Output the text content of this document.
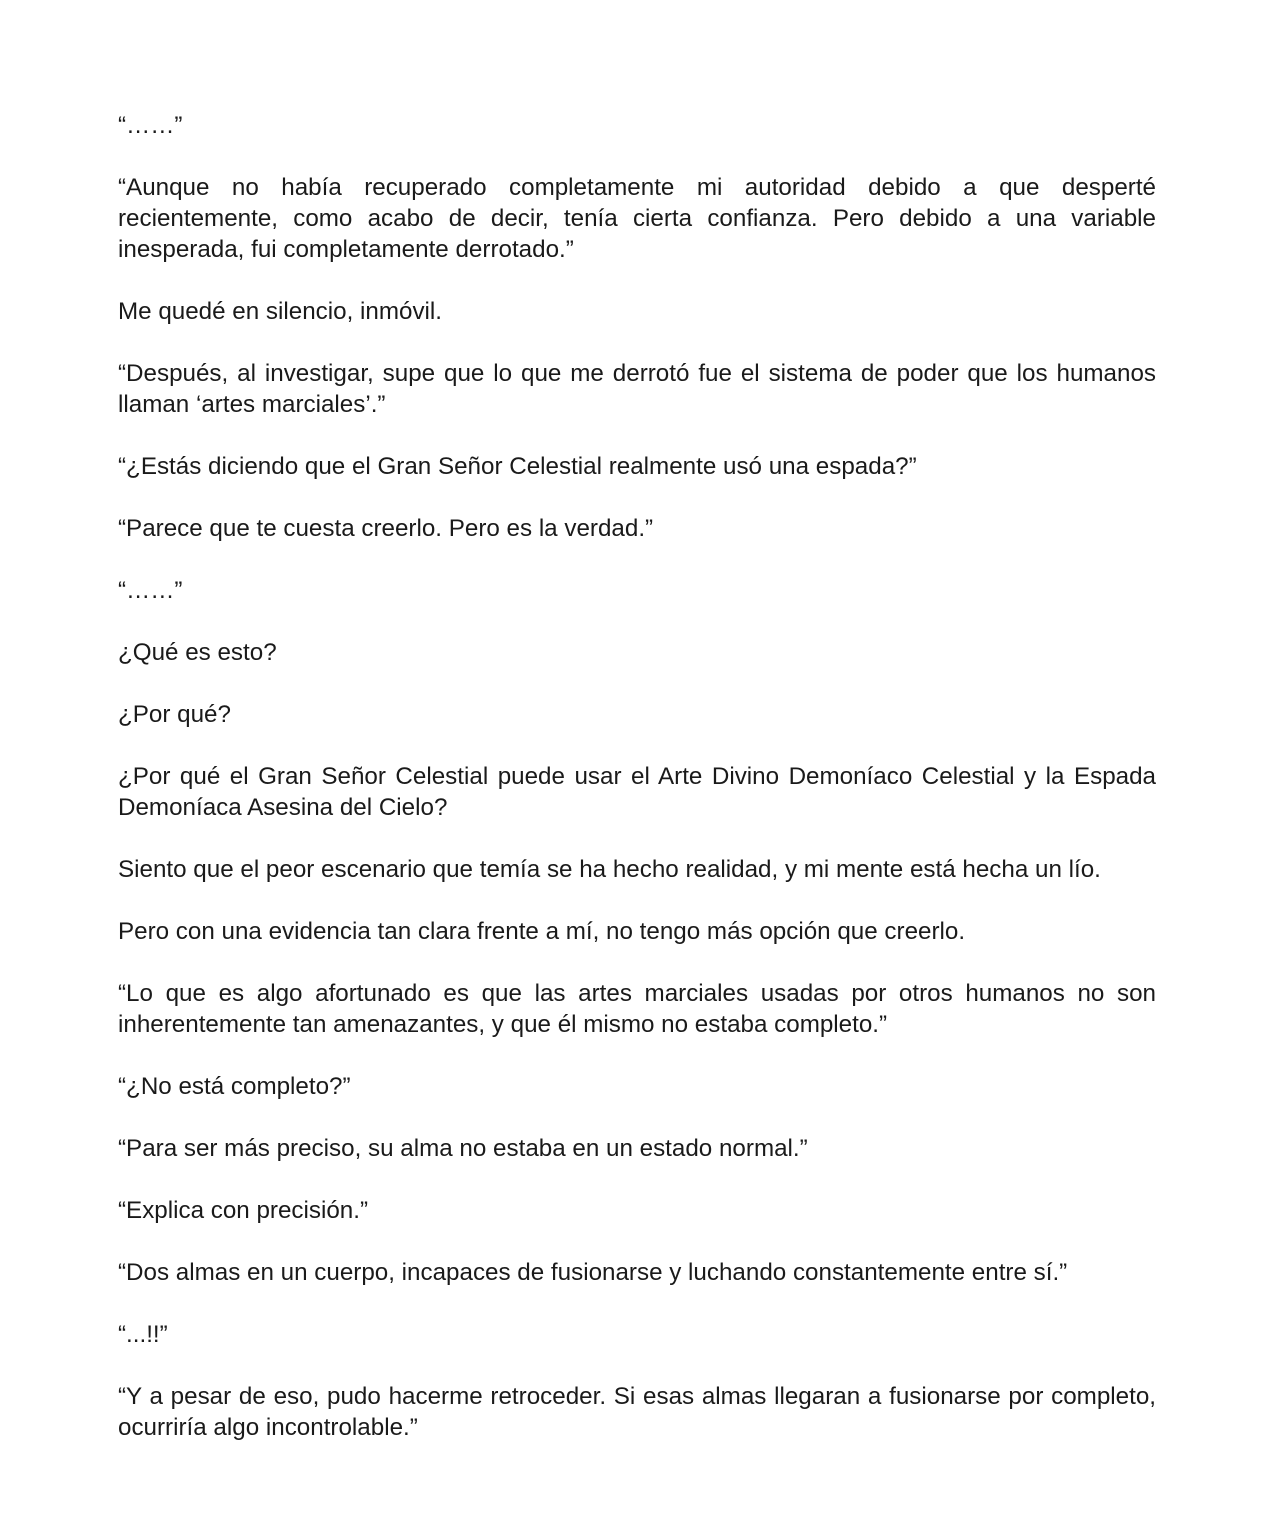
“……”

“Aunque no había recuperado completamente mi autoridad debido a que desperté recientemente, como acabo de decir, tenía cierta confianza. Pero debido a una variable inesperada, fui completamente derrotado.”

Me quedé en silencio, inmóvil.

“Después, al investigar, supe que lo que me derrotó fue el sistema de poder que los humanos llaman ‘artes marciales’.”

“¿Estás diciendo que el Gran Señor Celestial realmente usó una espada?”

“Parece que te cuesta creerlo. Pero es la verdad.”

“……”

¿Qué es esto?

¿Por qué?

¿Por qué el Gran Señor Celestial puede usar el Arte Divino Demoníaco Celestial y la Espada Demoníaca Asesina del Cielo?

Siento que el peor escenario que temía se ha hecho realidad, y mi mente está hecha un lío.

Pero con una evidencia tan clara frente a mí, no tengo más opción que creerlo.

“Lo que es algo afortunado es que las artes marciales usadas por otros humanos no son inherentemente tan amenazantes, y que él mismo no estaba completo.”

“¿No está completo?”

“Para ser más preciso, su alma no estaba en un estado normal.”

“Explica con precisión.”

“Dos almas en un cuerpo, incapaces de fusionarse y luchando constantemente entre sí.”

“...!!”

“Y a pesar de eso, pudo hacerme retroceder. Si esas almas llegaran a fusionarse por completo, ocurriría algo incontrolable.”
